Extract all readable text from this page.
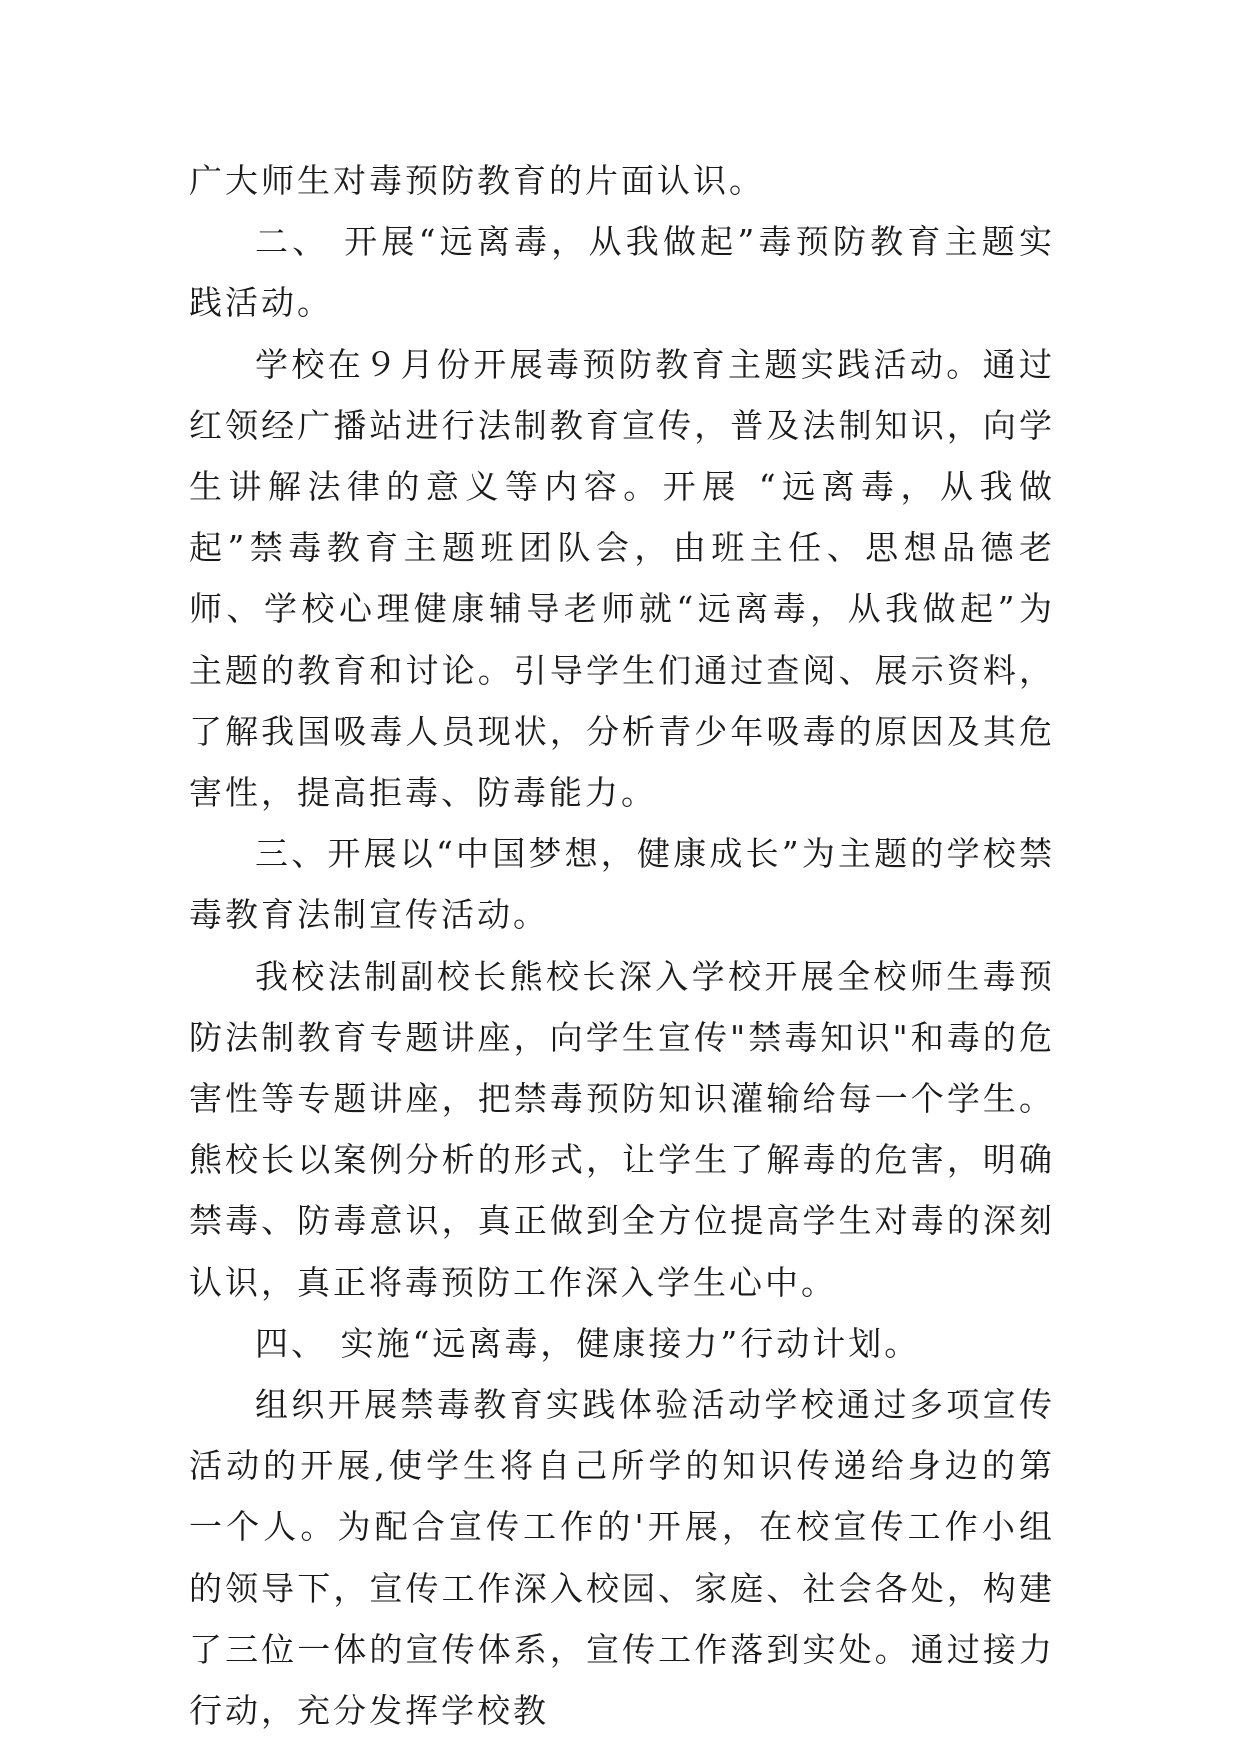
广大师生对毒预防教育的片面认识。

二、 开展“远离毒，从我做起”毒预防教育主题实践活动。

学校在９月份开展毒预防教育主题实践活动。通过红领经广播站进行法制教育宣传，普及法制知识，向学生讲解法律的意义等内容。开展 “远离毒，从我做起”禁毒教育主题班团队会，由班主任、思想品德老师、学校心理健康辅导老师就“远离毒，从我做起”为主题的教育和讨论。引导学生们通过查阅、展示资料，了解我国吸毒人员现状，分析青少年吸毒的原因及其危害性，提高拒毒、防毒能力。

三、开展以“中国梦想，健康成长”为主题的学校禁毒教育法制宣传活动。

我校法制副校长熊校长深入学校开展全校师生毒预防法制教育专题讲座，向学生宣传"禁毒知识"和毒的危害性等专题讲座，把禁毒预防知识灌输给每一个学生。熊校长以案例分析的形式，让学生了解毒的危害，明确禁毒、防毒意识，真正做到全方位提高学生对毒的深刻认识，真正将毒预防工作深入学生心中。

四、 实施“远离毒，健康接力”行动计划。

组织开展禁毒教育实践体验活动学校通过多项宣传活动的开展,使学生将自己所学的知识传递给身边的第一个人。为配合宣传工作的'开展，在校宣传工作小组的领导下，宣传工作深入校园、家庭、社会各处，构建了三位一体的宣传体系，宣传工作落到实处。通过接力行动，充分发挥学校教
